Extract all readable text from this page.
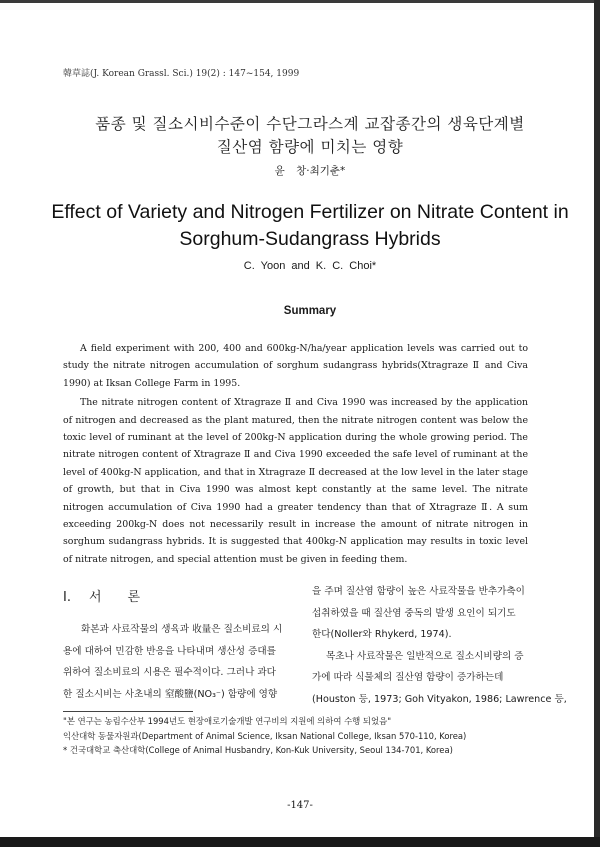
韓草誌(J. Korean Grassl. Sci.) 19(2) : 147~154, 1999
품종 및 질소시비수준이 수단그라스계 교잡종간의 생육단계별
질산염 함량에 미치는 영향
윤 창·최기춘*
Effect of Variety and Nitrogen Fertilizer on Nitrate Content in
Sorghum-Sudangrass Hybrids
C. Yoon and K. C. Choi*
Summary

A field experiment with 200, 400 and 600kg-N/ha/year application levels was carried out to study the nitrate nitrogen accumulation of sorghum sudangrass hybrids(Xtragraze Ⅱ and Civa 1990) at Iksan College Farm in 1995.

The nitrate nitrogen content of Xtragraze Ⅱ and Civa 1990 was increased by the application of nitrogen and decreased as the plant matured, then the nitrate nitrogen content was below the toxic level of ruminant at the level of 200kg-N application during the whole growing period. The nitrate nitrogen content of Xtragraze Ⅱ and Civa 1990 exceeded the safe level of ruminant at the level of 400kg-N application, and that in Xtragraze Ⅱ decreased at the low level in the later stage of growth, but that in Civa 1990 was almost kept constantly at the same level. The nitrate nitrogen accumulation of Civa 1990 had a greater tendency than that of Xtragraze Ⅱ. A sum exceeding 200kg-N does not necessarily result in increase the amount of nitrate nitrogen in sorghum sudangrass hybrids. It is suggested that 400kg-N application may results in toxic level of nitrate nitrogen, and special attention must be given in feeding them.

Ⅰ. 서 론
화본과 사료작물의 생육과 收量은 질소비료의 시
용에 대하여 민감한 반응을 나타내며 생산성 증대를
위하여 질소비료의 시용은 필수적이다. 그러나 과다
한 질소시비는 사초내의 窒酸鹽(NO₃⁻) 함량에 영향
을 주며 질산염 함량이 높은 사료작물을 반추가축이
섭취하였을 때 질산염 중독의 발생 요인이 되기도
한다(Noller와 Rhykerd, 1974).
목초나 사료작물은 일반적으로 질소시비량의 증
가에 따라 식물체의 질산염 함량이 증가하는데
(Houston 등, 1973; Goh Vityakon, 1986; Lawrence 등,
"본 연구는 농림수산부 1994년도 현장애로기술개발 연구비의 지원에 의하여 수행 되었음"
익산대학 동물자원과(Department of Animal Science, Iksan National College, Iksan 570-110, Korea)
* 건국대학교 축산대학(College of Animal Husbandry, Kon-Kuk University, Seoul 134-701, Korea)
-147-
